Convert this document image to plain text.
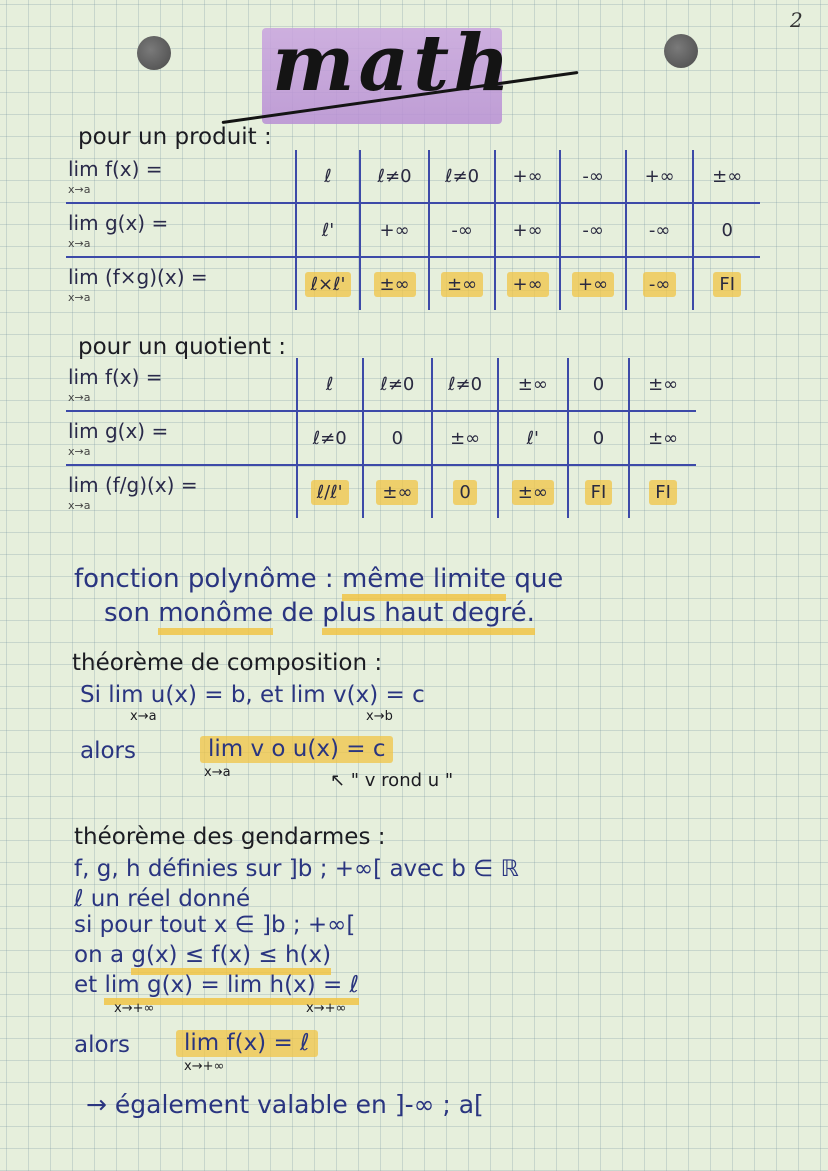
2
math
pour un produit :
lim f(x) =
x→a	ℓ	ℓ≠0	ℓ≠0	+∞	-∞	+∞	±∞
lim g(x) =
x→a	ℓ'	+∞	-∞	+∞	-∞	-∞	0
lim (f×g)(x) =
x→a	ℓ×ℓ'	±∞	±∞	+∞	+∞	-∞	FI
pour un quotient :
lim f(x) =
x→a	ℓ	ℓ≠0	ℓ≠0	±∞	0	±∞
lim g(x) =
x→a	ℓ≠0	0	±∞	ℓ'	0	±∞
lim (f/g)(x) =
x→a	ℓ/ℓ'	±∞	0	±∞	FI	FI
fonction polynôme : même limite que
son monôme de plus haut degré.
théorème de composition :
Si lim u(x) = b, et lim v(x) = c
x→a	x→b
alors	lim v o u(x) = c
x→a	↖ " v rond u "
théorème des gendarmes :
f, g, h définies sur ]b ; +∞[ avec b ∈ ℝ
ℓ un réel donné
si pour tout x ∈ ]b ; +∞[
on a g(x) ≤ f(x) ≤ h(x)
et lim g(x) = lim h(x) = ℓ
x→+∞	x→+∞
alors	lim f(x) = ℓ
x→+∞
→ également valable en ]-∞ ; a[
